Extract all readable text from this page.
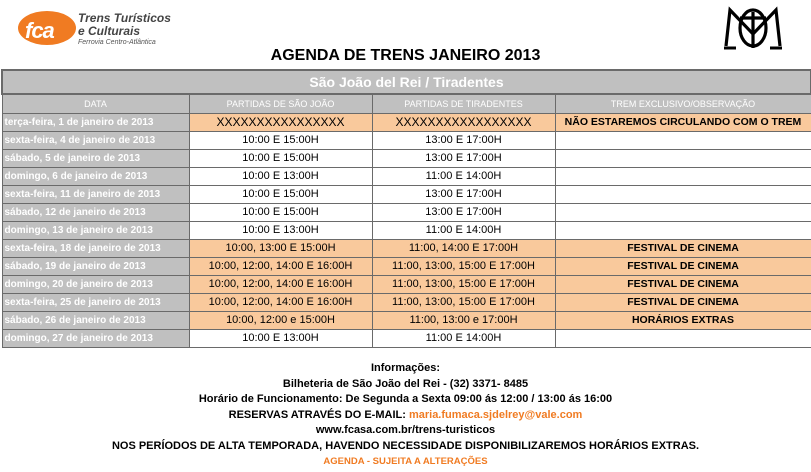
fca Trens Turísticos
e Culturais
Ferrovia Centro-Atlântica
AGENDA DE TRENS JANEIRO 2013
São João del Rei / Tiradentes			
DATA	PARTIDAS DE SÃO JOÃO	PARTIDAS DE TIRADENTES	TREM EXCLUSIVO/OBSERVAÇÃO
terça-feira, 1 de janeiro de 2013	XXXXXXXXXXXXXXXX	XXXXXXXXXXXXXXXXX	NÃO ESTAREMOS CIRCULANDO COM O TREM
sexta-feira, 4 de janeiro de 2013	10:00 E 15:00H	13:00 E 17:00H	
sábado, 5 de janeiro de 2013	10:00 E 15:00H	13:00 E 17:00H	
domingo, 6 de janeiro de 2013	10:00 E 13:00H	11:00 E 14:00H	
sexta-feira, 11 de janeiro de 2013	10:00 E 15:00H	13:00 E 17:00H	
sábado, 12 de janeiro de 2013	10:00 E 15:00H	13:00 E 17:00H	
domingo, 13 de janeiro de 2013	10:00 E 13:00H	11:00 E 14:00H	
sexta-feira, 18 de janeiro de 2013	10:00, 13:00 E 15:00H	11:00, 14:00 E 17:00H	FESTIVAL DE CINEMA
sábado, 19 de janeiro de 2013	10:00, 12:00, 14:00 E 16:00H	11:00, 13:00, 15:00 E 17:00H	FESTIVAL DE CINEMA
domingo, 20 de janeiro de 2013	10:00, 12:00, 14:00 E 16:00H	11:00, 13:00, 15:00 E 17:00H	FESTIVAL DE CINEMA
sexta-feira, 25 de janeiro de 2013	10:00, 12:00, 14:00 E 16:00H	11:00, 13:00, 15:00 E 17:00H	FESTIVAL DE CINEMA
sábado, 26 de janeiro de 2013	10:00, 12:00 e 15:00H	11:00, 13:00 e 17:00H	HORÁRIOS EXTRAS
domingo, 27 de janeiro de 2013	10:00 E 13:00H	11:00 E 14:00H	
Informações:
Bilheteria de São João del Rei - (32) 3371- 8485
Horário de Funcionamento: De Segunda a Sexta 09:00 ás 12:00 / 13:00 ás 16:00
RESERVAS ATRAVÉS DO E-MAIL: maria.fumaca.sjdelrey@vale.com
www.fcasa.com.br/trens-turisticos
NOS PERÍODOS DE ALTA TEMPORADA, HAVENDO NECESSIDADE DISPONIBILIZAREMOS HORÁRIOS EXTRAS.
AGENDA - SUJEITA A ALTERAÇÕES
